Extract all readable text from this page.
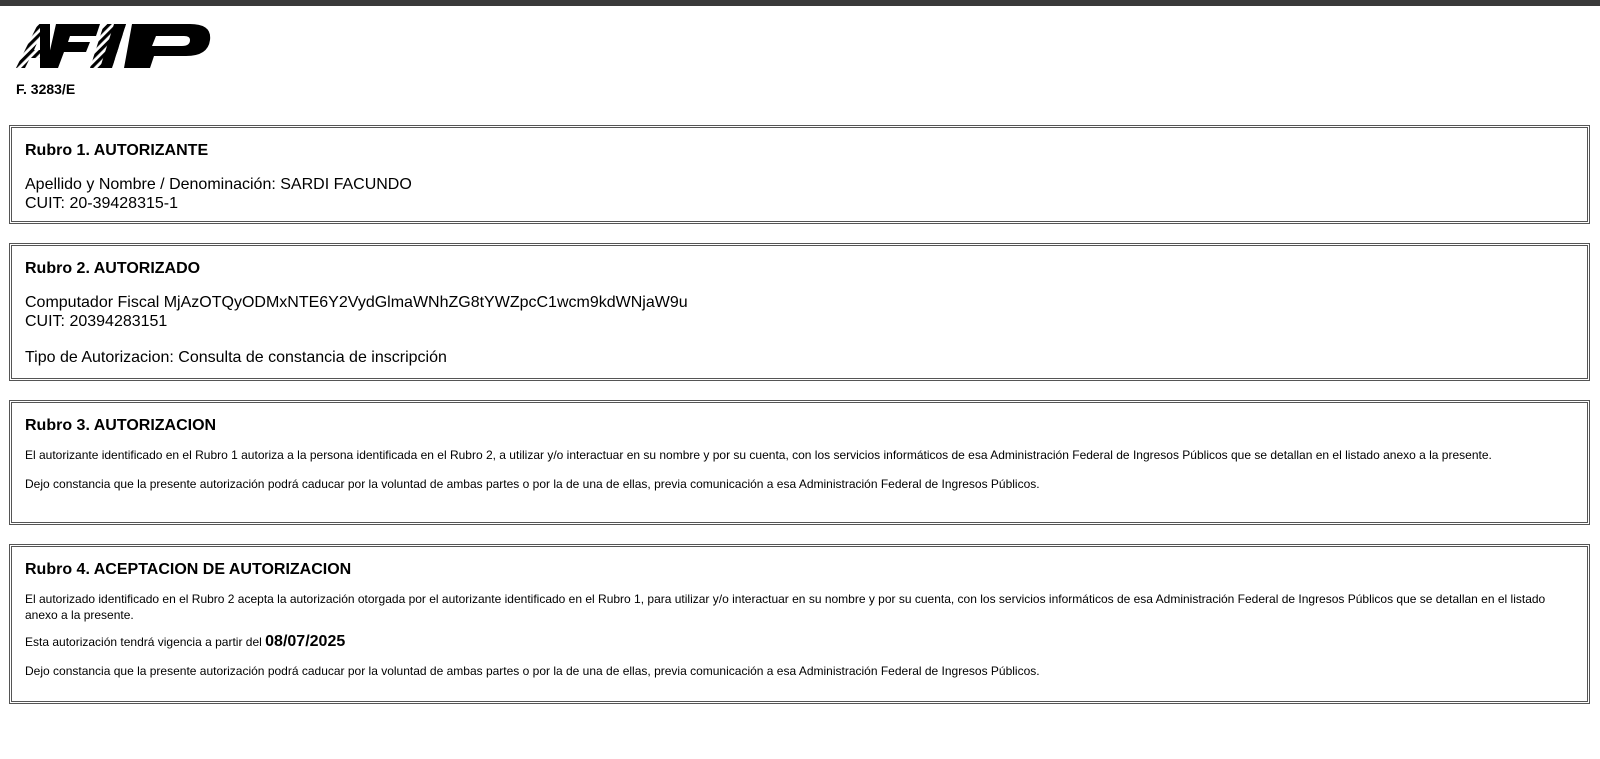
F. 3283/E
Rubro 1. AUTORIZANTE

Apellido y Nombre / Denominación: SARDI FACUNDO

CUIT: 20-39428315-1

Rubro 2. AUTORIZADO

Computador Fiscal MjAzOTQyODMxNTE6Y2VydGlmaWNhZG8tYWZpcC1wcm9kdWNjaW9u

CUIT: 20394283151

Tipo de Autorizacion: Consulta de constancia de inscripción

Rubro 3. AUTORIZACION

El autorizante identificado en el Rubro 1 autoriza a la persona identificada en el Rubro 2, a utilizar y/o interactuar en su nombre y por su cuenta, con los servicios informáticos de esa Administración Federal de Ingresos Públicos que se detallan en el listado anexo a la presente.

Dejo constancia que la presente autorización podrá caducar por la voluntad de ambas partes o por la de una de ellas, previa comunicación a esa Administración Federal de Ingresos Públicos.

Rubro 4. ACEPTACION DE AUTORIZACION

El autorizado identificado en el Rubro 2 acepta la autorización otorgada por el autorizante identificado en el Rubro 1, para utilizar y/o interactuar en su nombre y por su cuenta, con los servicios informáticos de esa Administración Federal de Ingresos Públicos que se detallan en el listado anexo a la presente.

Esta autorización tendrá vigencia a partir del 08/07/2025

Dejo constancia que la presente autorización podrá caducar por la voluntad de ambas partes o por la de una de ellas, previa comunicación a esa Administración Federal de Ingresos Públicos.
